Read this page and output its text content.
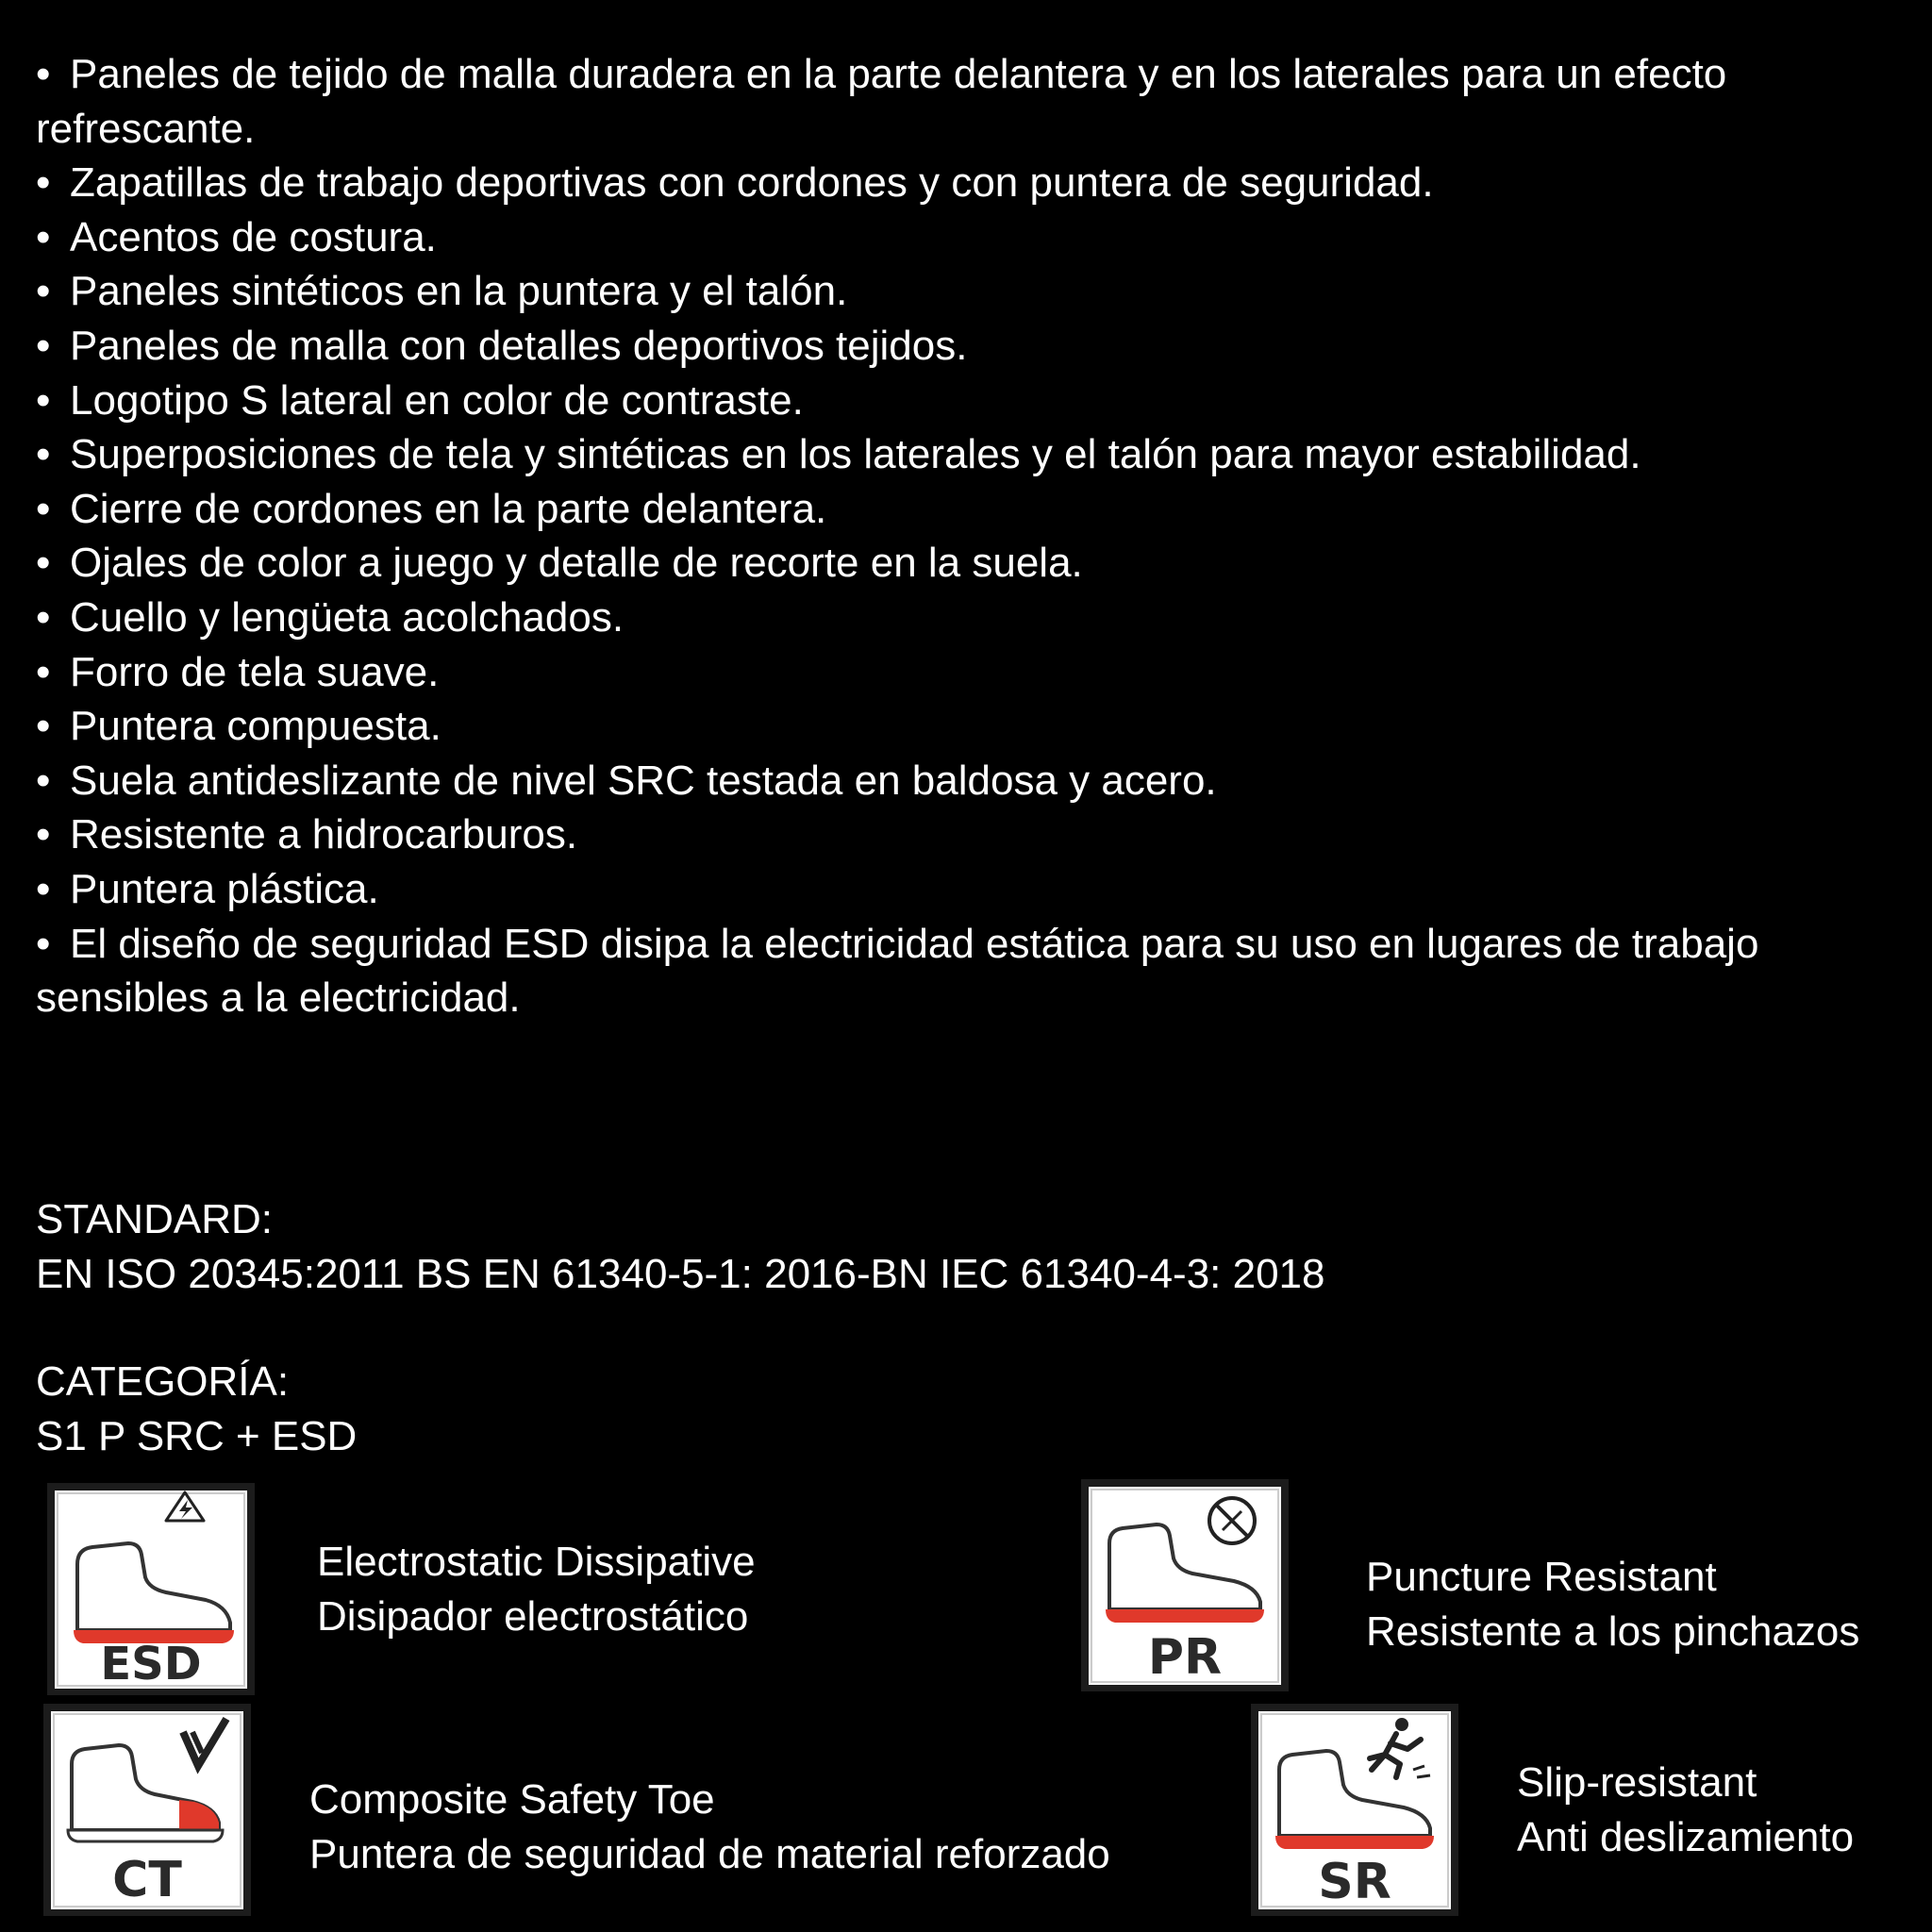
• Paneles de tejido de malla duradera en la parte delantera y en los laterales para un efecto refrescante.
• Zapatillas de trabajo deportivas con cordones y con puntera de seguridad.
• Acentos de costura.
• Paneles sintéticos en la puntera y el talón.
• Paneles de malla con detalles deportivos tejidos.
• Logotipo S lateral en color de contraste.
• Superposiciones de tela y sintéticas en los laterales y el talón para mayor estabilidad.
• Cierre de cordones en la parte delantera.
• Ojales de color a juego y detalle de recorte en la suela.
• Cuello y lengüeta acolchados.
• Forro de tela suave.
• Puntera compuesta.
• Suela antideslizante de nivel SRC testada en baldosa y acero.
• Resistente a hidrocarburos.
• Puntera plástica.
• El diseño de seguridad ESD disipa la electricidad estática para su uso en lugares de trabajo sensibles a la electricidad.
STANDARD:
EN ISO 20345:2011 BS EN 61340-5-1: 2016-BN IEC 61340-4-3: 2018
CATEGORÍA:
S1 P SRC + ESD
ESD
Electrostatic Dissipative
Disipador electrostático
PR
Puncture Resistant
Resistente a los pinchazos
CT
Composite Safety Toe
Puntera de seguridad de material reforzado	SR
Slip-resistant
Anti deslizamiento
